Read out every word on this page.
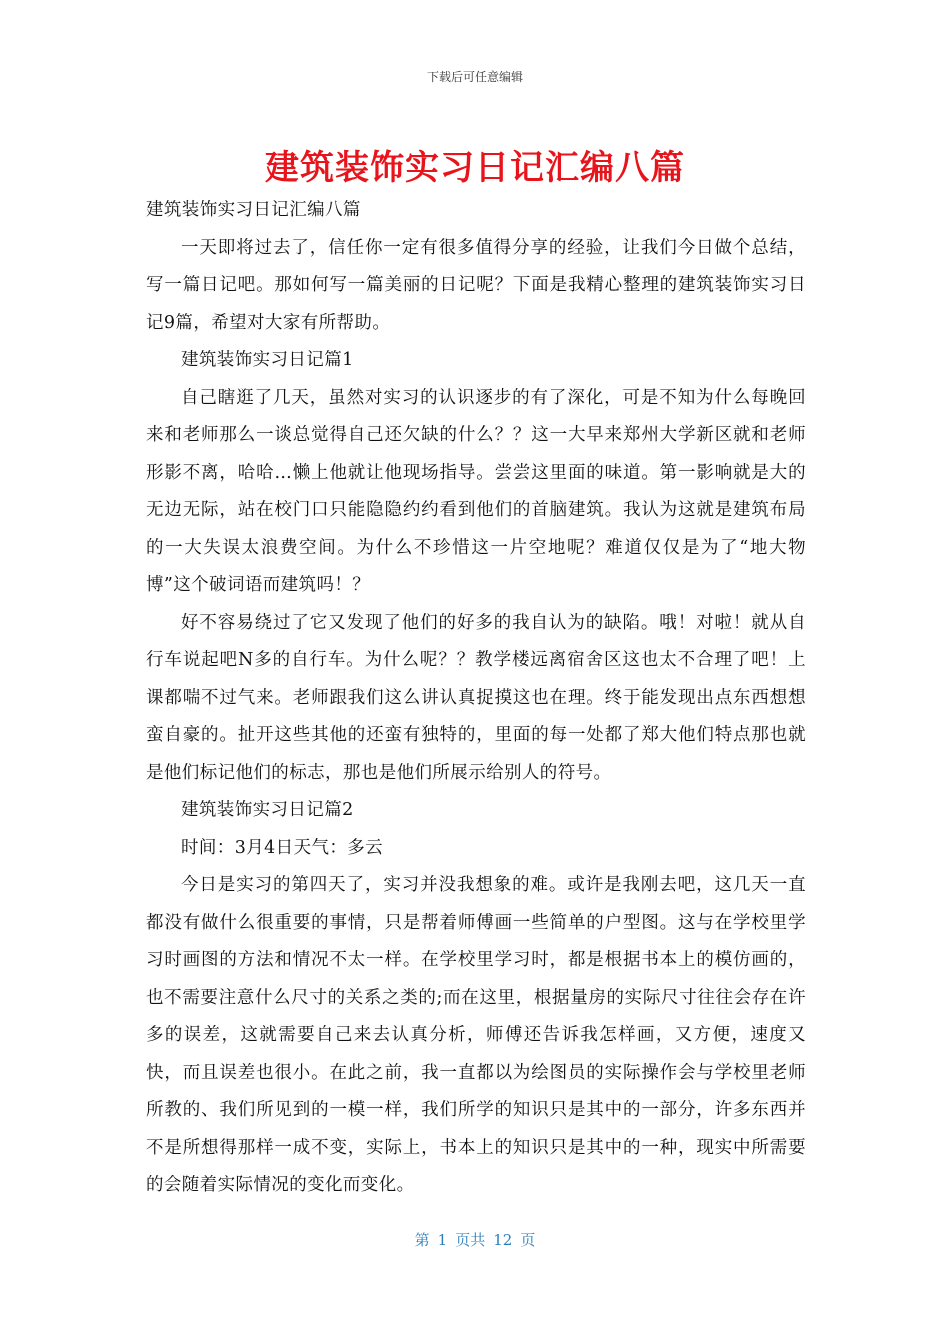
下载后可任意编辑
建筑装饰实习日记汇编八篇

建筑装饰实习日记汇编八篇

一天即将过去了，信任你一定有很多值得分享的经验，让我们今日做个总结，写一篇日记吧。那如何写一篇美丽的日记呢？下面是我精心整理的建筑装饰实习日记9篇，希望对大家有所帮助。

建筑装饰实习日记篇1

自己瞎逛了几天，虽然对实习的认识逐步的有了深化，可是不知为什么每晚回来和老师那么一谈总觉得自己还欠缺的什么？？这一大早来郑州大学新区就和老师形影不离，哈哈…懒上他就让他现场指导。尝尝这里面的味道。第一影响就是大的无边无际，站在校门口只能隐隐约约看到他们的首脑建筑。我认为这就是建筑布局的一大失误太浪费空间。为什么不珍惜这一片空地呢？难道仅仅是为了“地大物博”这个破词语而建筑吗！？

好不容易绕过了它又发现了他们的好多的我自认为的缺陷。哦！对啦！就从自行车说起吧N多的自行车。为什么呢？？教学楼远离宿舍区这也太不合理了吧！上课都喘不过气来。老师跟我们这么讲认真捉摸这也在理。终于能发现出点东西想想蛮自豪的。扯开这些其他的还蛮有独特的，里面的每一处都了郑大他们特点那也就是他们标记他们的标志，那也是他们所展示给别人的符号。

建筑装饰实习日记篇2

时间：3月4日天气：多云

今日是实习的第四天了，实习并没我想象的难。或许是我刚去吧，这几天一直都没有做什么很重要的事情，只是帮着师傅画一些简单的户型图。这与在学校里学习时画图的方法和情况不太一样。在学校里学习时，都是根据书本上的模仿画的，也不需要注意什么尺寸的关系之类的;而在这里，根据量房的实际尺寸往往会存在许多的误差，这就需要自己来去认真分析，师傅还告诉我怎样画，又方便，速度又快，而且误差也很小。在此之前，我一直都以为绘图员的实际操作会与学校里老师所教的、我们所见到的一模一样，我们所学的知识只是其中的一部分，许多东西并不是所想得那样一成不变，实际上，书本上的知识只是其中的一种，现实中所需要的会随着实际情况的变化而变化。

第 1 页共 12 页
